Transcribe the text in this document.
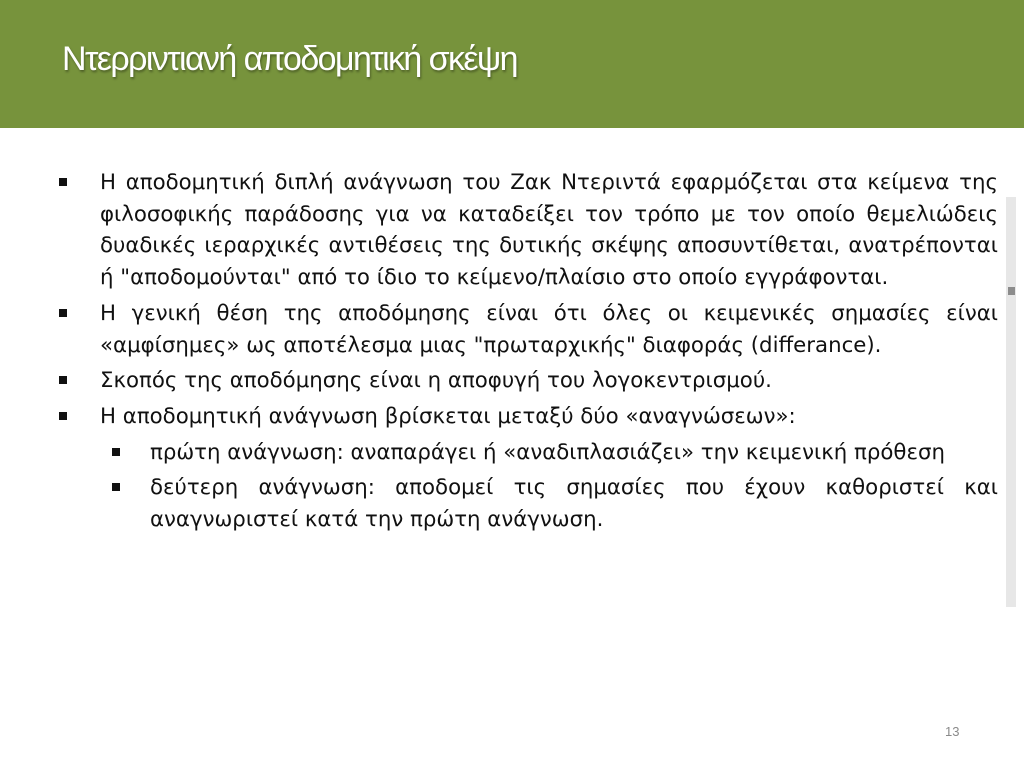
Ντερριντιανή αποδομητική σκέψη
Η αποδομητική διπλή ανάγνωση του Ζακ Ντεριντά εφαρμόζεται στα κείμενα της φιλοσοφικής παράδοσης για να καταδείξει τον τρόπο με τον οποίο θεμελιώδεις δυαδικές ιεραρχικές αντιθέσεις της δυτικής σκέψης αποσυντίθεται, ανατρέπονται ή "αποδομούνται" από το ίδιο το κείμενο/πλαίσιο στο οποίο εγγράφονται.
Η γενική θέση της αποδόμησης είναι ότι όλες οι κειμενικές σημασίες είναι «αμφίσημες» ως αποτέλεσμα μιας "πρωταρχικής" διαφοράς (differance).
Σκοπός της αποδόμησης είναι η αποφυγή του λογοκεντρισμού.
Η αποδομητική ανάγνωση βρίσκεται μεταξύ δύο «αναγνώσεων»:
πρώτη ανάγνωση: αναπαράγει ή «αναδιπλασιάζει» την κειμενική πρόθεση
δεύτερη ανάγνωση: αποδομεί τις σημασίες που έχουν καθοριστεί και αναγνωριστεί κατά την πρώτη ανάγνωση.
13
